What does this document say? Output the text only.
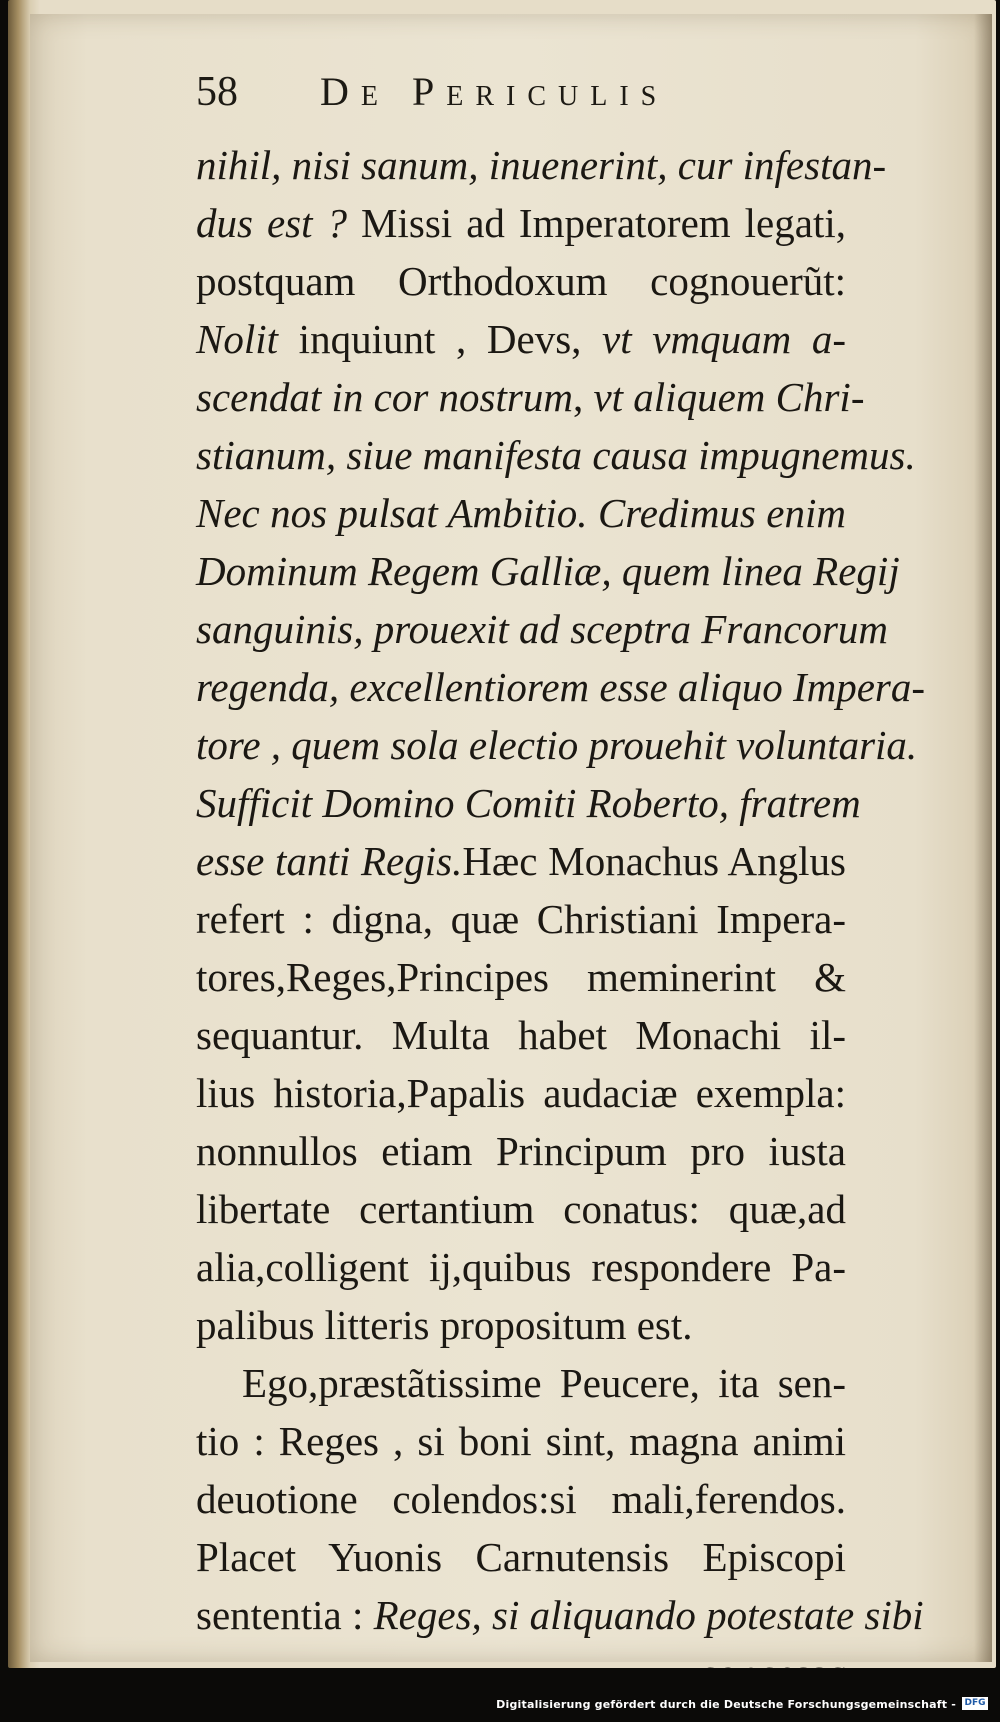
58 De Periculis
nihil, nisi sanum, inuenerint, cur infestan-
dus est ? Missi ad Imperatorem legati,
postquam Orthodoxum cognouerũt:
Nolit inquiunt , Devs, vt vmquam a-
scendat in cor nostrum, vt aliquem Chri-
stianum, siue manifesta causa impugnemus.
Nec nos pulsat Ambitio. Credimus enim
Dominum Regem Galliæ, quem linea Regij
sanguinis, prouexit ad sceptra Francorum
regenda, excellentiorem esse aliquo Impera-
tore , quem sola electio prouehit voluntaria.
Sufficit Domino Comiti Roberto, fratrem
esse tanti Regis.Hæc Monachus Anglus
refert : digna, quæ Christiani Impera-
tores,Reges,Principes meminerint &
sequantur. Multa habet Monachi il-
lius historia,Papalis audaciæ exempla:
nonnullos etiam Principum pro iusta
libertate certantium conatus: quæ,ad
alia,colligent ij,quibus respondere Pa-
palibus litteris propositum est.
Ego,præstãtissime Peucere, ita sen-
tio : Reges , si boni sint, magna animi
deuotione colendos:si mali,ferendos.
Placet Yuonis Carnutensis Episcopi
sententia : Reges, si aliquando potestate sibi
Digitalisierung gefördert durch die Deutsche Forschungsgemeinschaft - DFG
